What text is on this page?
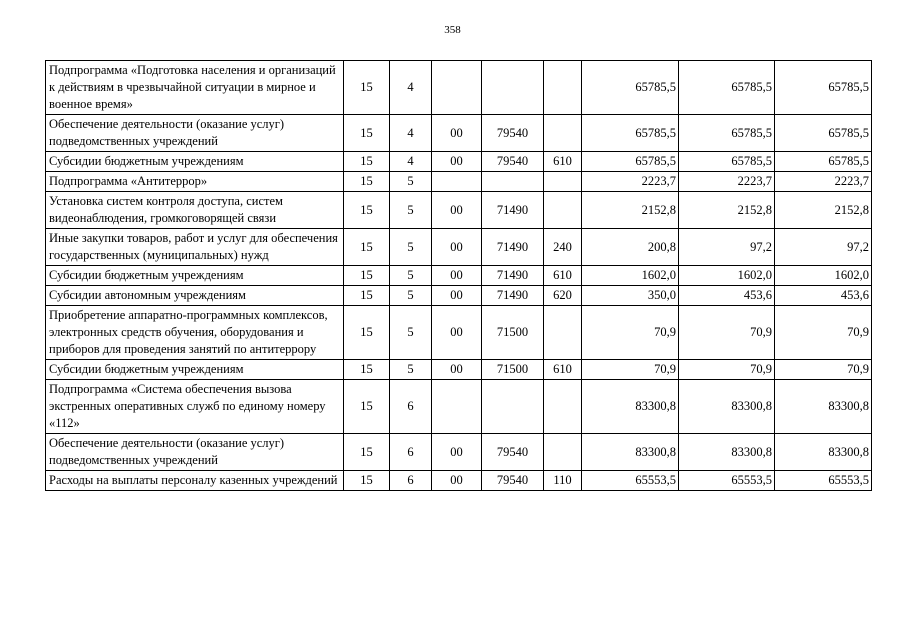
358
Подпрограмма «Подготовка населения и организаций к действиям в чрезвычайной ситуации в мирное и военное время»	15	4				65785,5	65785,5	65785,5
Обеспечение деятельности (оказание услуг) подведомственных учреждений	15	4	00	79540		65785,5	65785,5	65785,5
Субсидии бюджетным учреждениям	15	4	00	79540	610	65785,5	65785,5	65785,5
Подпрограмма «Антитеррор»	15	5				2223,7	2223,7	2223,7
Установка систем контроля доступа, систем видеонаблюдения, громкоговорящей связи	15	5	00	71490		2152,8	2152,8	2152,8
Иные закупки товаров, работ и услуг для обеспечения государственных (муниципальных) нужд	15	5	00	71490	240	200,8	97,2	97,2
Субсидии бюджетным учреждениям	15	5	00	71490	610	1602,0	1602,0	1602,0
Субсидии автономным учреждениям	15	5	00	71490	620	350,0	453,6	453,6
Приобретение аппаратно-программных комплексов, электронных средств обучения, оборудования и приборов для проведения занятий по антитеррору	15	5	00	71500		70,9	70,9	70,9
Субсидии бюджетным учреждениям	15	5	00	71500	610	70,9	70,9	70,9
Подпрограмма «Система обеспечения вызова экстренных оперативных служб по единому номеру «112»	15	6				83300,8	83300,8	83300,8
Обеспечение деятельности (оказание услуг) подведомственных учреждений	15	6	00	79540		83300,8	83300,8	83300,8
Расходы на выплаты персоналу казенных учреждений	15	6	00	79540	110	65553,5	65553,5	65553,5
